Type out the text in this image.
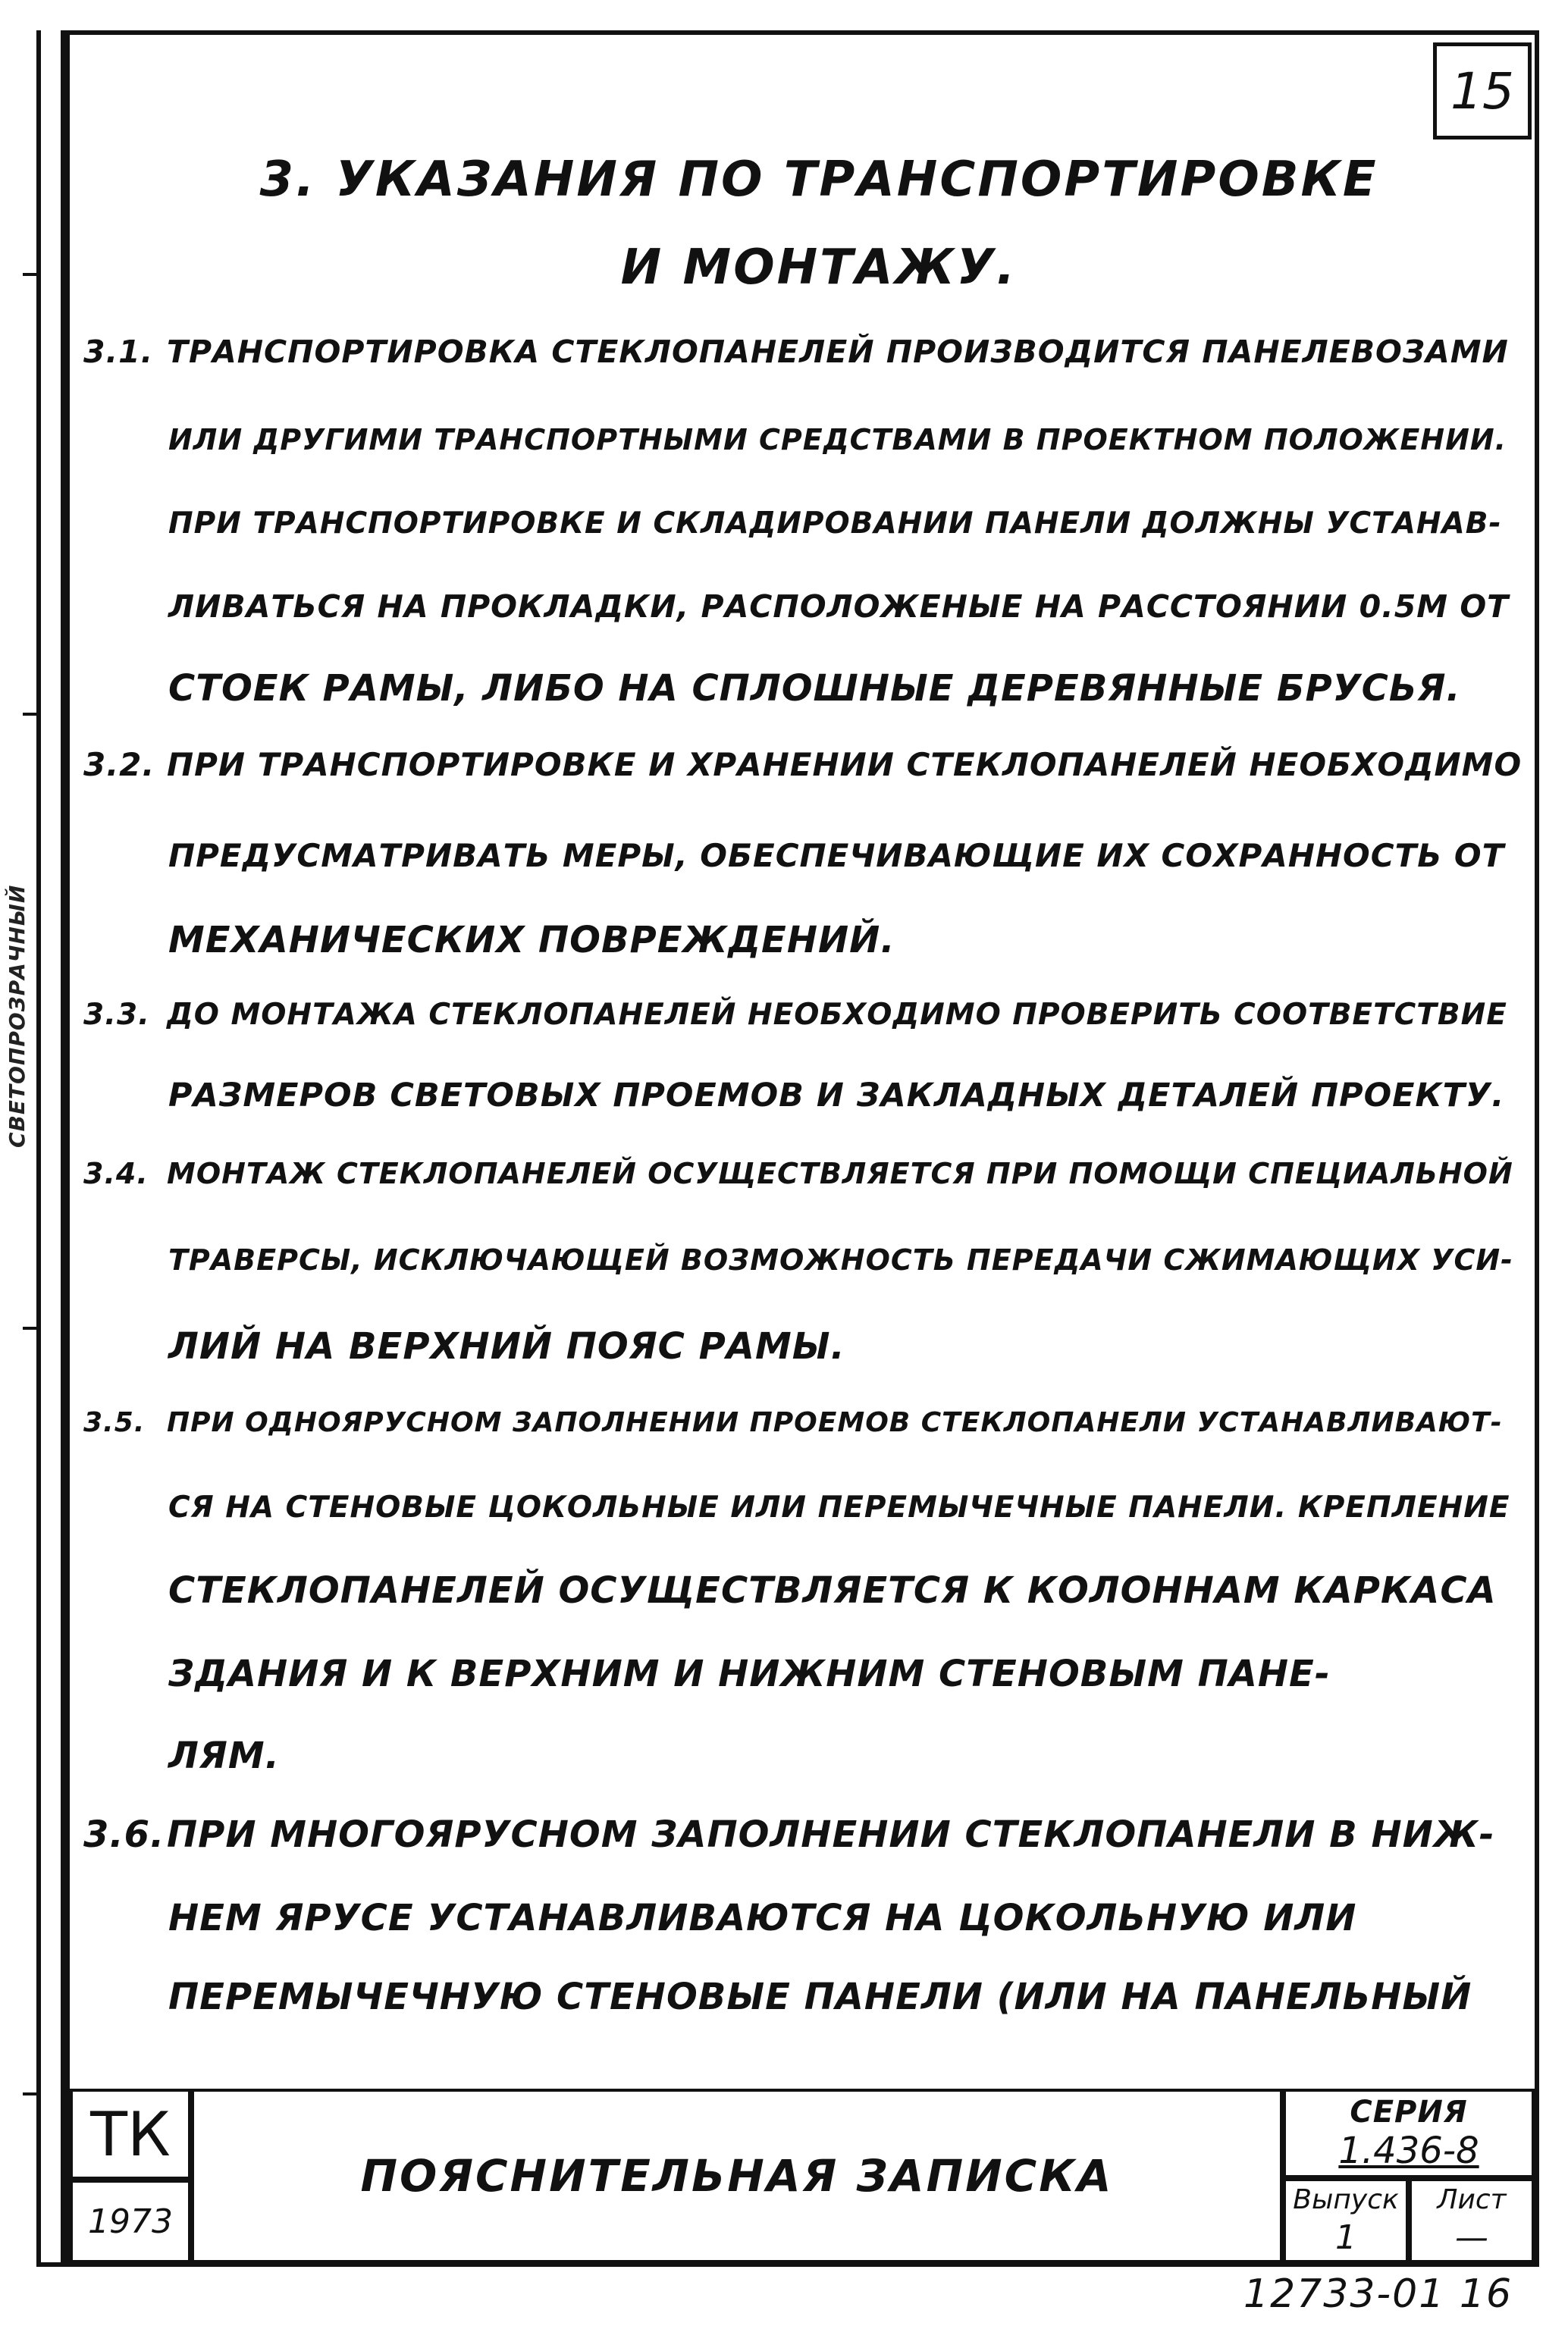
СВЕТОПРОЗРАЧНЫЙ
15
3. УКАЗАНИЯ ПО ТРАНСПОРТИРОВКЕ
И МОНТАЖУ.
3.1. ТРАНСПОРТИРОВКА СТЕКЛОПАНЕЛЕЙ ПРОИЗВОДИТСЯ ПАНЕЛЕВОЗАМИ
ИЛИ ДРУГИМИ ТРАНСПОРТНЫМИ СРЕДСТВАМИ В ПРОЕКТНОМ ПОЛОЖЕНИИ.
ПРИ ТРАНСПОРТИРОВКЕ И СКЛАДИРОВАНИИ ПАНЕЛИ ДОЛЖНЫ УСТАНАВ-
ЛИВАТЬСЯ НА ПРОКЛАДКИ, РАСПОЛОЖЕНЫЕ НА РАССТОЯНИИ 0.5М ОТ
СТОЕК РАМЫ, ЛИБО НА СПЛОШНЫЕ ДЕРЕВЯННЫЕ БРУСЬЯ.
3.2. ПРИ ТРАНСПОРТИРОВКЕ И ХРАНЕНИИ СТЕКЛОПАНЕЛЕЙ НЕОБХОДИМО
ПРЕДУСМАТРИВАТЬ МЕРЫ, ОБЕСПЕЧИВАЮЩИЕ ИХ СОХРАННОСТЬ ОТ
МЕХАНИЧЕСКИХ ПОВРЕЖДЕНИЙ.
3.3. ДО МОНТАЖА СТЕКЛОПАНЕЛЕЙ НЕОБХОДИМО ПРОВЕРИТЬ СООТВЕТСТВИЕ
РАЗМЕРОВ СВЕТОВЫХ ПРОЕМОВ И ЗАКЛАДНЫХ ДЕТАЛЕЙ ПРОЕКТУ.
3.4. МОНТАЖ СТЕКЛОПАНЕЛЕЙ ОСУЩЕСТВЛЯЕТСЯ ПРИ ПОМОЩИ СПЕЦИАЛЬНОЙ
ТРАВЕРСЫ, ИСКЛЮЧАЮЩЕЙ ВОЗМОЖНОСТЬ ПЕРЕДАЧИ СЖИМАЮЩИХ УСИ-
ЛИЙ НА ВЕРХНИЙ ПОЯС РАМЫ.
3.5. ПРИ ОДНОЯРУСНОМ ЗАПОЛНЕНИИ ПРОЕМОВ СТЕКЛОПАНЕЛИ УСТАНАВЛИВАЮТ-
СЯ НА СТЕНОВЫЕ ЦОКОЛЬНЫЕ ИЛИ ПЕРЕМЫЧЕЧНЫЕ ПАНЕЛИ. КРЕПЛЕНИЕ
СТЕКЛОПАНЕЛЕЙ ОСУЩЕСТВЛЯЕТСЯ К КОЛОННАМ КАРКАСА
ЗДАНИЯ И К ВЕРХНИМ И НИЖНИМ СТЕНОВЫМ ПАНЕ-
ЛЯМ.
3.6.ПРИ МНОГОЯРУСНОМ ЗАПОЛНЕНИИ СТЕКЛОПАНЕЛИ В НИЖ-
НЕМ ЯРУСЕ УСТАНАВЛИВАЮТСЯ НА ЦОКОЛЬНУЮ ИЛИ
ПЕРЕМЫЧЕЧНУЮ СТЕНОВЫЕ ПАНЕЛИ (ИЛИ НА ПАНЕЛЬНЫЙ
ТК
1973
ПОЯСНИТЕЛЬНАЯ ЗАПИСКА
СЕРИЯ
1.436-8
Выпуск
1
Лист
—
12733-01 16
